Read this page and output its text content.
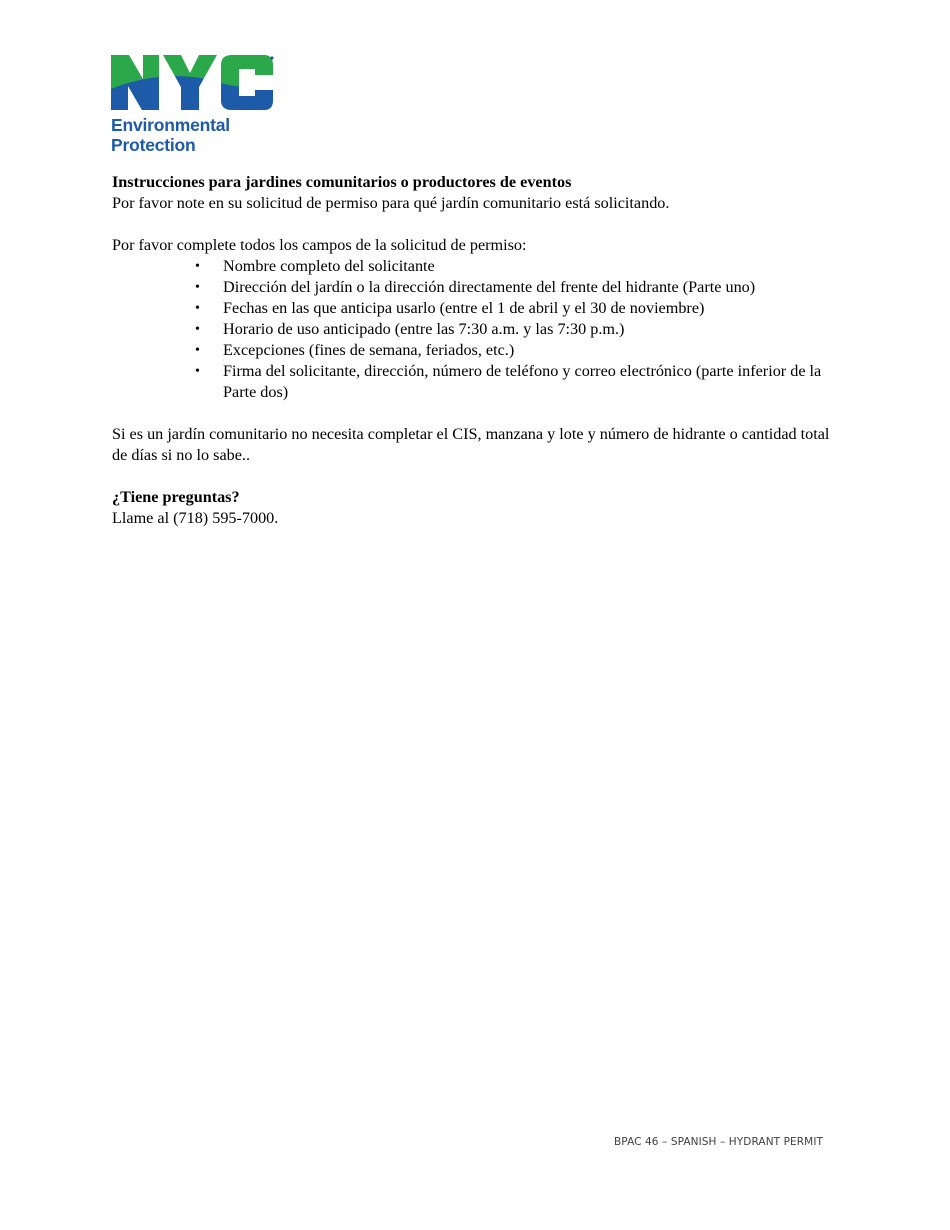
Environmental
Protection

Instrucciones para jardines comunitarios o productores de eventos

Por favor note en su solicitud de permiso para qué jardín comunitario está solicitando.

Por favor complete todos los campos de la solicitud de permiso:

• Nombre completo del solicitante
• Dirección del jardín o la dirección directamente del frente del hidrante (Parte uno)
• Fechas en las que anticipa usarlo (entre el 1 de abril y el 30 de noviembre)
• Horario de uso anticipado (entre las 7:30 a.m. y las 7:30 p.m.)
• Excepciones (fines de semana, feriados, etc.)
• Firma del solicitante, dirección, número de teléfono y correo electrónico (parte inferior de la Parte dos)

Si es un jardín comunitario no necesita completar el CIS, manzana y lote y número de hidrante o cantidad total de días si no lo sabe..

¿Tiene preguntas?

Llame al (718) 595-7000.

BPAC 46 – SPANISH – HYDRANT PERMIT
